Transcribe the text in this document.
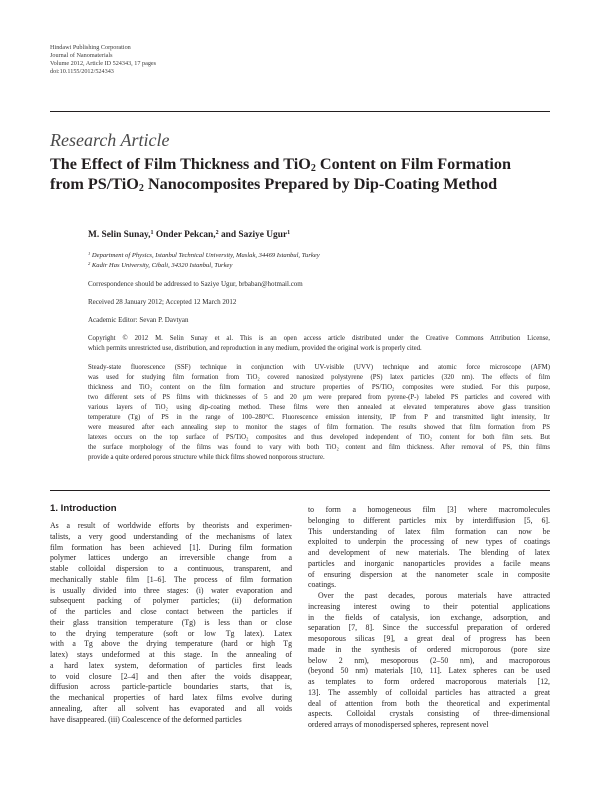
Hindawi Publishing Corporation
Journal of Nanomaterials
Volume 2012, Article ID 524343, 17 pages
doi:10.1155/2012/524343
Research Article
The Effect of Film Thickness and TiO$_2$ Content on Film Formation
from PS/TiO$_2$ Nanocomposites Prepared by Dip-Coating Method
M. Selin Sunay,$^1$ Onder Pekcan,$^2$ and Saziye Ugur$^1$
$^1$ Department of Physics, Istanbul Technical University, Maslak, 34469 Istanbul, Turkey
$^2$ Kadir Has University, Cibali, 34320 Istanbul, Turkey
Correspondence should be addressed to Saziye Ugur, brbaban@hotmail.com
Received 28 January 2012; Accepted 12 March 2012
Academic Editor: Sevan P. Davtyan
Copyright © 2012 M. Selin Sunay et al. This is an open access article distributed under the Creative Commons Attribution License,
which permits unrestricted use, distribution, and reproduction in any medium, provided the original work is properly cited.
Steady-state fluorescence (SSF) technique in conjunction with UV-visible (UVV) technique and atomic force microscope (AFM)
was used for studying film formation from TiO₂ covered nanosized polystyrene (PS) latex particles (320 nm). The effects of film
thickness and TiO₂ content on the film formation and structure properties of PS/TiO₂ composites were studied. For this purpose,
two different sets of PS films with thicknesses of 5 and 20 μm were prepared from pyrene-(P-) labeled PS particles and covered with
various layers of TiO₂ using dip-coating method. These films were then annealed at elevated temperatures above glass transition
temperature (Tg) of PS in the range of 100–280°C. Fluorescence emission intensity, IP from P and transmitted light intensity, Itr
were measured after each annealing step to monitor the stages of film formation. The results showed that film formation from PS
latexes occurs on the top surface of PS/TiO₂ composites and thus developed independent of TiO₂ content for both film sets. But
the surface morphology of the films was found to vary with both TiO₂ content and film thickness. After removal of PS, thin films
provide a quite ordered porous structure while thick films showed nonporous structure.
1. Introduction
As a result of worldwide efforts by theorists and experimen-
talists, a very good understanding of the mechanisms of latex
film formation has been achieved [1]. During film formation
polymer lattices undergo an irreversible change from a
stable colloidal dispersion to a continuous, transparent, and
mechanically stable film [1–6]. The process of film formation
is usually divided into three stages: (i) water evaporation and
subsequent packing of polymer particles; (ii) deformation
of the particles and close contact between the particles if
their glass transition temperature (Tg) is less than or close
to the drying temperature (soft or low Tg latex). Latex
with a Tg above the drying temperature (hard or high Tg
latex) stays undeformed at this stage. In the annealing of
a hard latex system, deformation of particles first leads
to void closure [2–4] and then after the voids disappear,
diffusion across particle-particle boundaries starts, that is,
the mechanical properties of hard latex films evolve during
annealing, after all solvent has evaporated and all voids
have disappeared. (iii) Coalescence of the deformed particles
to form a homogeneous film [3] where macromolecules
belonging to different particles mix by interdiffusion [5, 6].
This understanding of latex film formation can now be
exploited to underpin the processing of new types of coatings
and development of new materials. The blending of latex
particles and inorganic nanoparticles provides a facile means
of ensuring dispersion at the nanometer scale in composite
coatings.
Over the past decades, porous materials have attracted
increasing interest owing to their potential applications
in the fields of catalysis, ion exchange, adsorption, and
separation [7, 8]. Since the successful preparation of ordered
mesoporous silicas [9], a great deal of progress has been
made in the synthesis of ordered microporous (pore size
below 2 nm), mesoporous (2–50 nm), and macroporous
(beyond 50 nm) materials [10, 11]. Latex spheres can be used
as templates to form ordered macroporous materials [12,
13]. The assembly of colloidal particles has attracted a great
deal of attention from both the theoretical and experimental
aspects. Colloidal crystals consisting of three-dimensional
ordered arrays of monodispersed spheres, represent novel
